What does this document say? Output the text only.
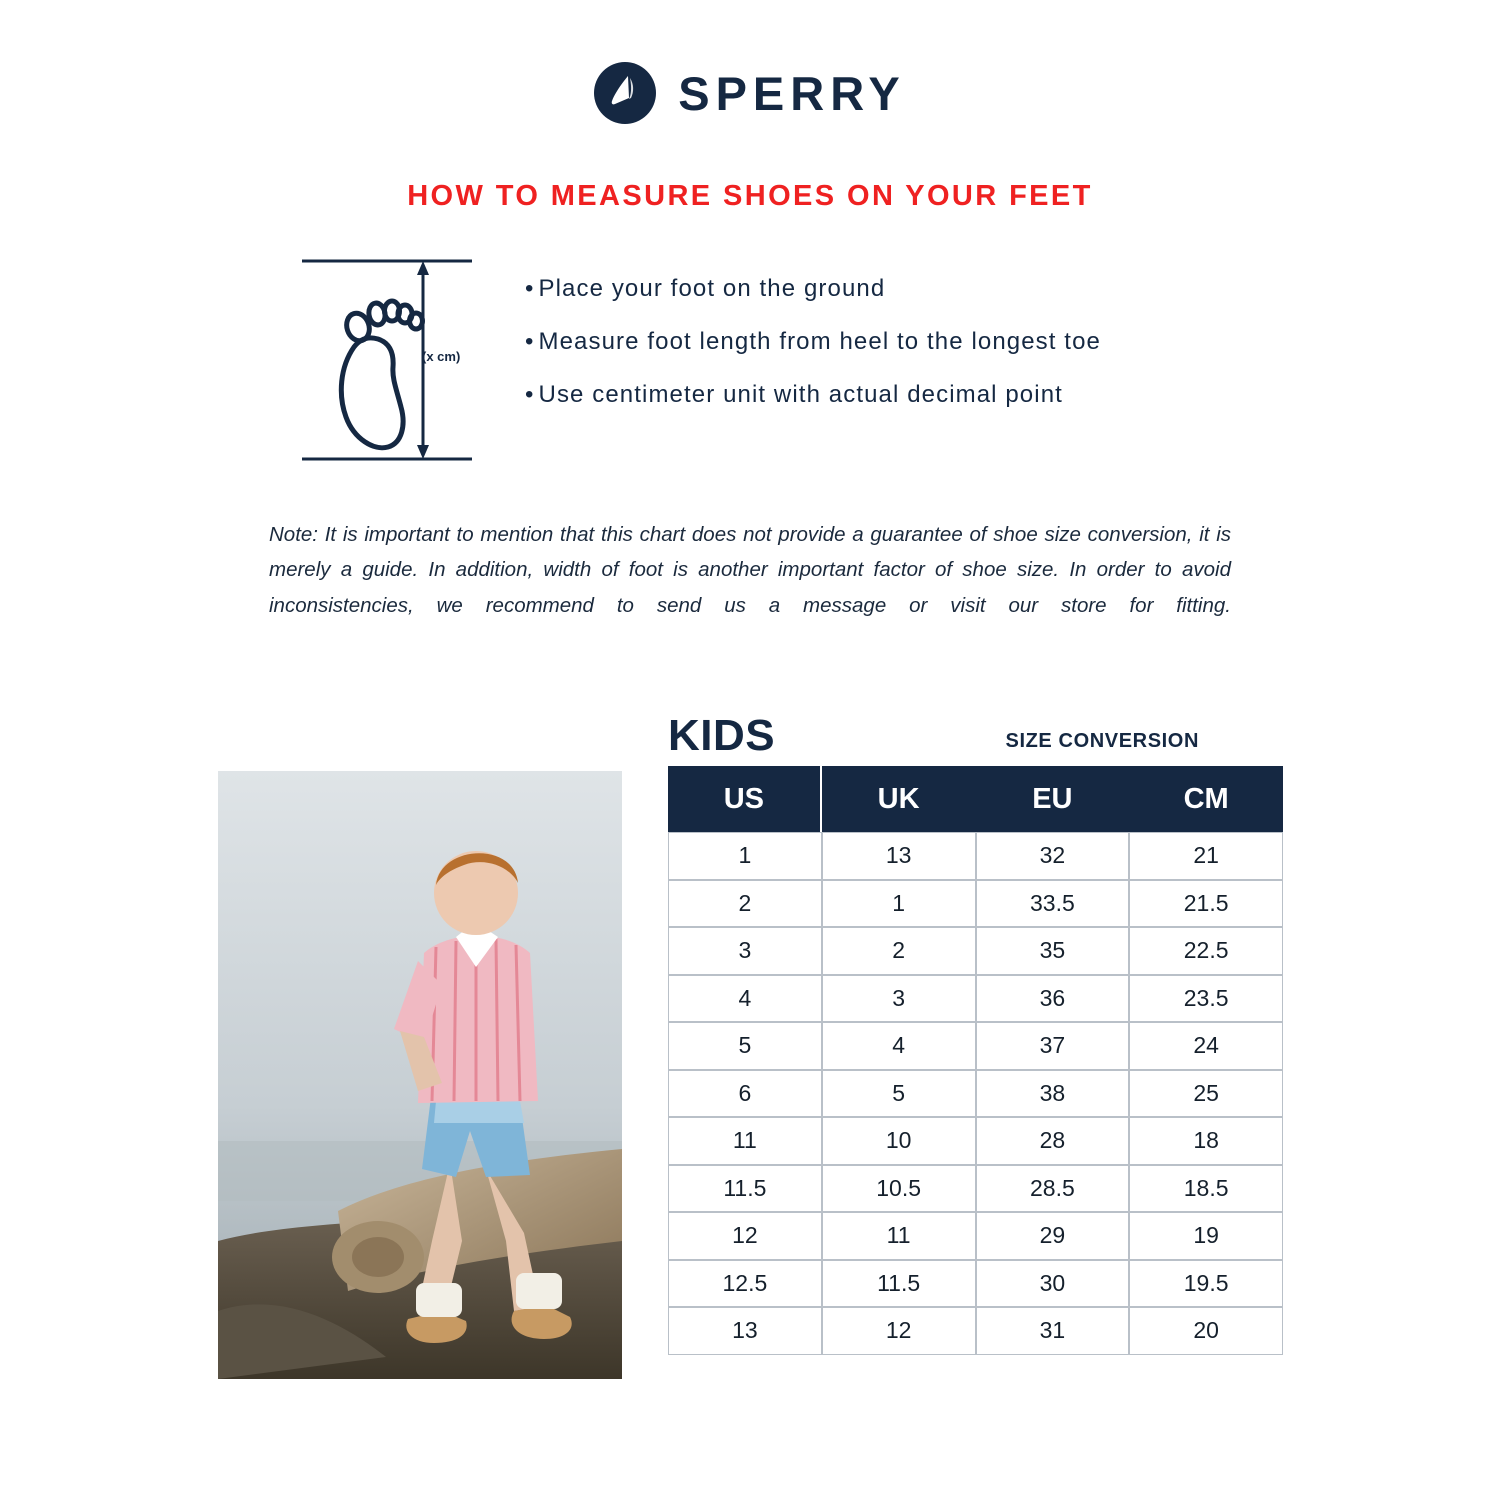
SPERRY
HOW TO MEASURE SHOES ON YOUR FEET
(x cm)
• Place your foot on the ground
• Measure foot length from heel to the longest toe
• Use centimeter unit with actual decimal point
Note: It is important to mention that this chart does not provide a guarantee of shoe size conversion, it is merely a guide. In addition, width of foot is another important factor of shoe size. In order to avoid inconsistencies, we recommend to send us a message or visit our store for fitting.
KIDS	SIZE CONVERSION
US	UK	EU	CM
1	13	32	21
2	1	33.5	21.5
3	2	35	22.5
4	3	36	23.5
5	4	37	24
6	5	38	25
11	10	28	18
11.5	10.5	28.5	18.5
12	11	29	19
12.5	11.5	30	19.5
13	12	31	20
